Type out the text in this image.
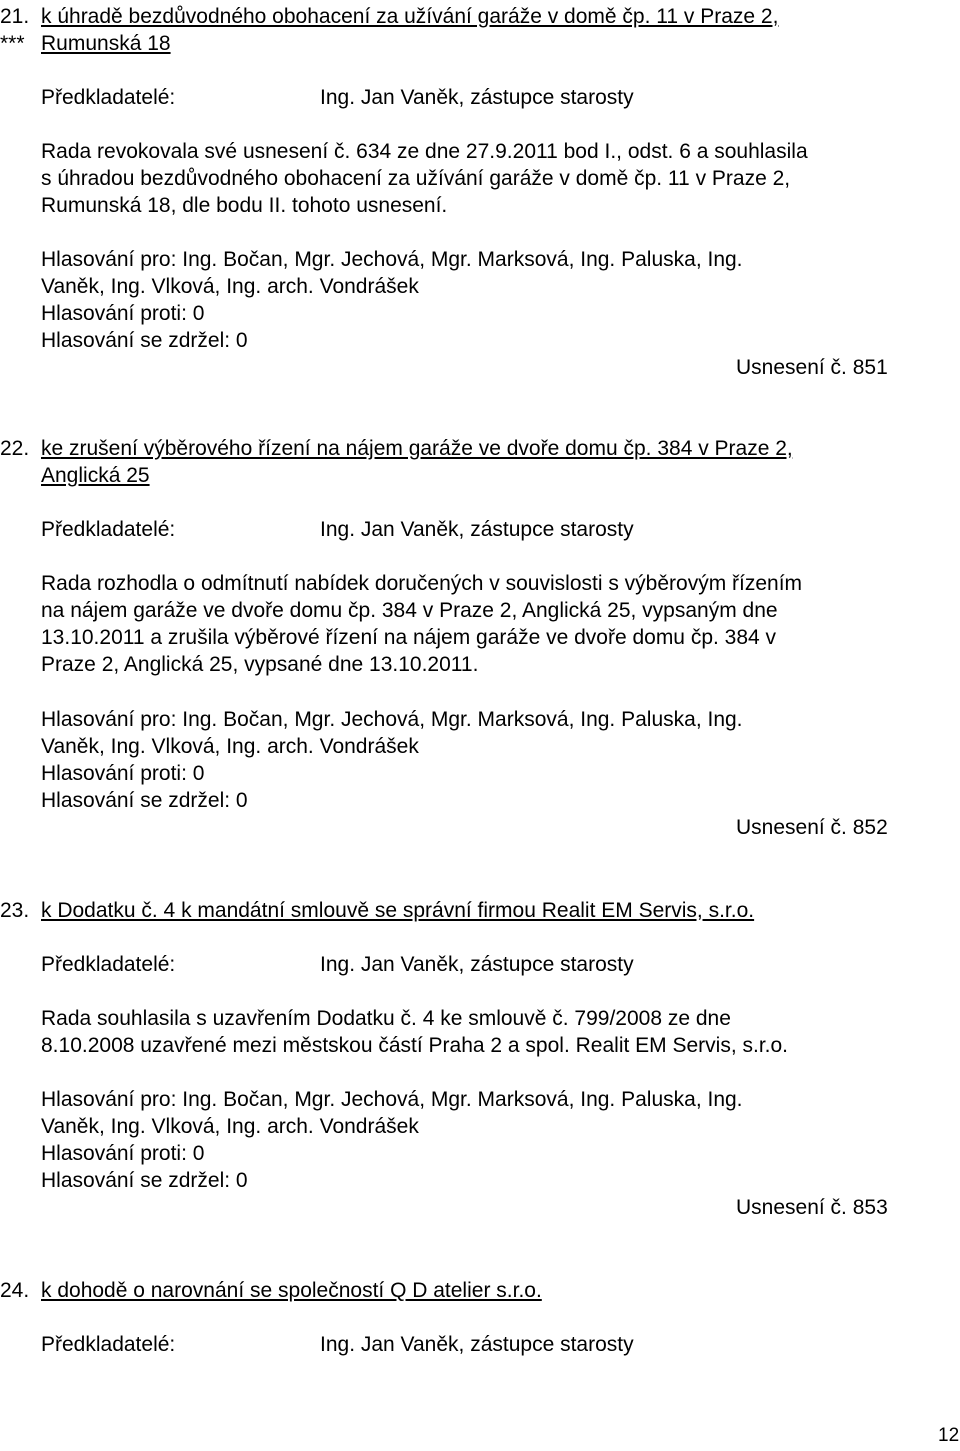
21. k úhradě bezdůvodného obohacení za užívání garáže v domě čp. 11 v Praze 2,
*** Rumunská 18
Předkladatelé:	Ing. Jan Vaněk, zástupce starosty
Rada revokovala své usnesení č. 634 ze dne 27.9.2011 bod I., odst. 6 a souhlasila
s úhradou bezdůvodného obohacení za užívání garáže v domě čp. 11 v Praze 2,
Rumunská 18, dle bodu II. tohoto usnesení.
Hlasování pro: Ing. Bočan, Mgr. Jechová, Mgr. Marksová, Ing. Paluska, Ing.
Vaněk, Ing. Vlková, Ing. arch. Vondrášek
Hlasování proti: 0
Hlasování se zdržel: 0
Usnesení č. 851
22. ke zrušení výběrového řízení na nájem garáže ve dvoře domu čp. 384 v Praze 2,
Anglická 25
Předkladatelé:	Ing. Jan Vaněk, zástupce starosty
Rada rozhodla o odmítnutí nabídek doručených v souvislosti s výběrovým řízením
na nájem garáže ve dvoře domu čp. 384 v Praze 2, Anglická 25, vypsaným dne
13.10.2011 a zrušila výběrové řízení na nájem garáže ve dvoře domu čp. 384 v
Praze 2, Anglická 25, vypsané dne 13.10.2011.
Hlasování pro: Ing. Bočan, Mgr. Jechová, Mgr. Marksová, Ing. Paluska, Ing.
Vaněk, Ing. Vlková, Ing. arch. Vondrášek
Hlasování proti: 0
Hlasování se zdržel: 0
Usnesení č. 852
23. k Dodatku č. 4 k mandátní smlouvě se správní firmou Realit EM Servis, s.r.o.
Předkladatelé:	Ing. Jan Vaněk, zástupce starosty
Rada souhlasila s uzavřením Dodatku č. 4 ke smlouvě č. 799/2008 ze dne
8.10.2008 uzavřené mezi městskou částí Praha 2 a spol. Realit EM Servis, s.r.o.
Hlasování pro: Ing. Bočan, Mgr. Jechová, Mgr. Marksová, Ing. Paluska, Ing.
Vaněk, Ing. Vlková, Ing. arch. Vondrášek
Hlasování proti: 0
Hlasování se zdržel: 0
Usnesení č. 853
24. k dohodě o narovnání se společností Q D atelier s.r.o.
Předkladatelé:	Ing. Jan Vaněk, zástupce starosty
12
